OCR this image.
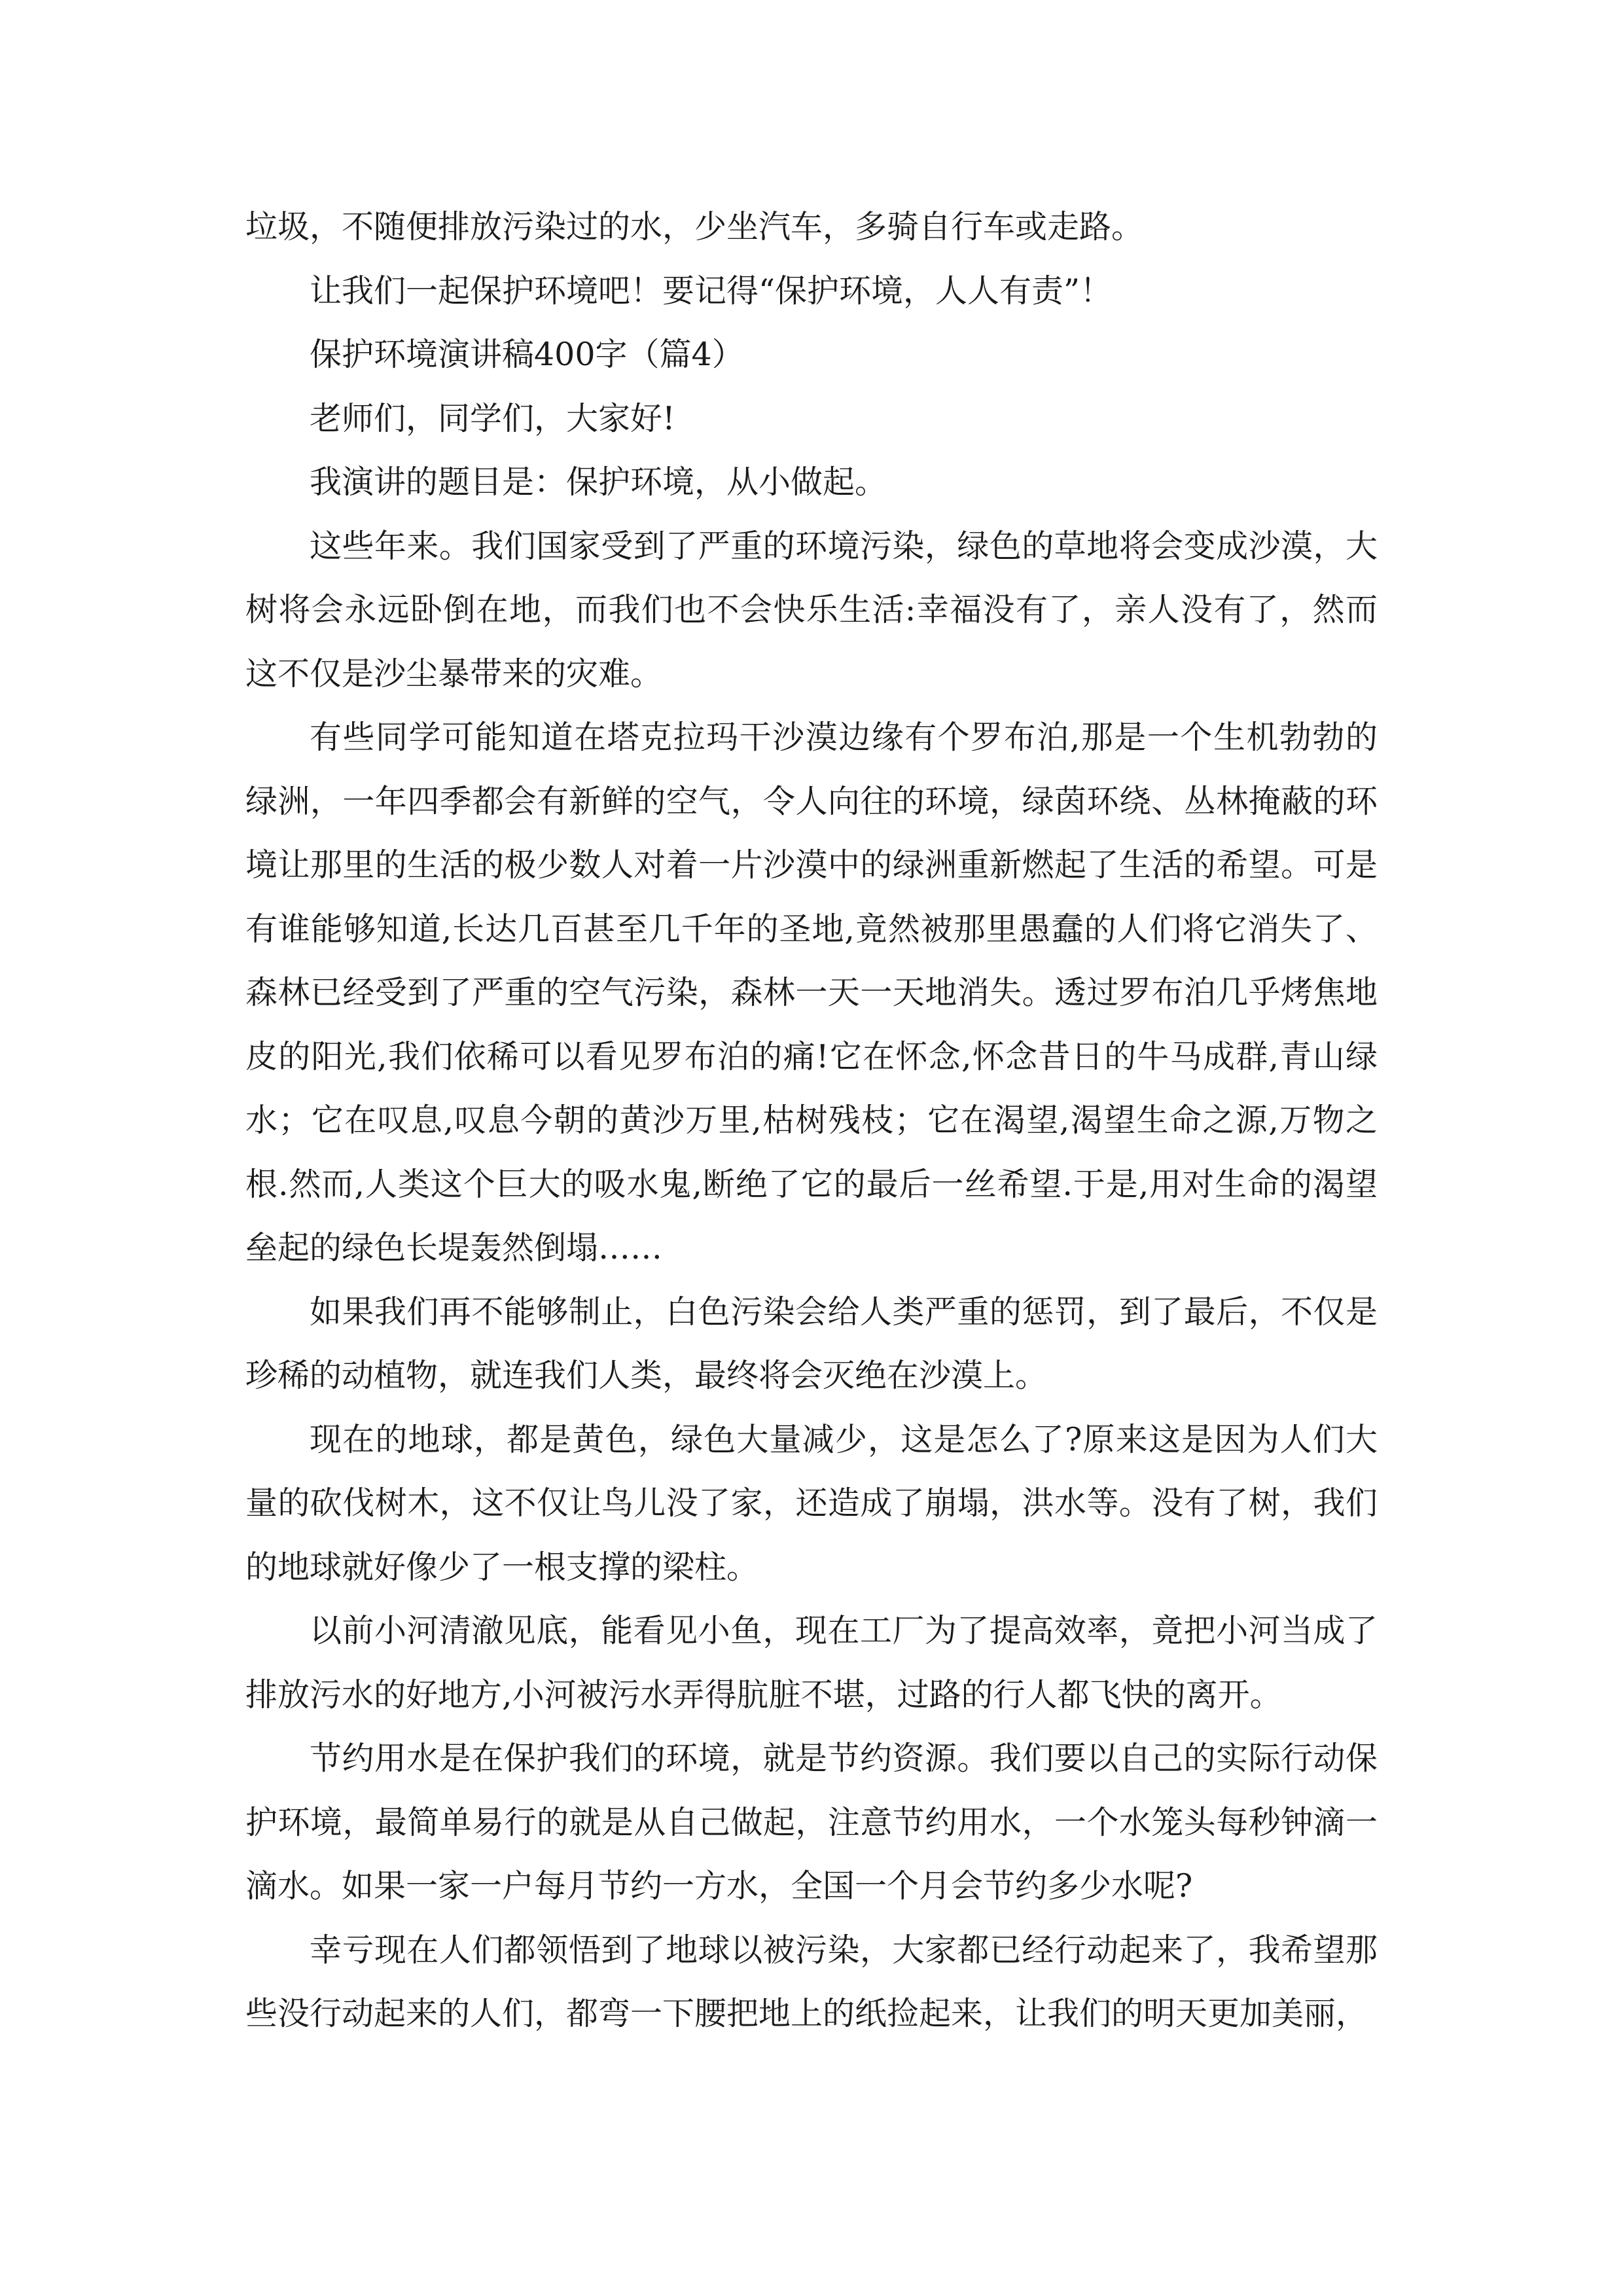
垃圾，不随便排放污染过的水，少坐汽车，多骑自行车或走路。

让我们一起保护环境吧！要记得“保护环境，人人有责”！

保护环境演讲稿400字（篇4）

老师们，同学们，大家好!

我演讲的题目是：保护环境，从小做起。

这些年来。我们国家受到了严重的环境污染，绿色的草地将会变成沙漠，大树将会永远卧倒在地，而我们也不会快乐生活:幸福没有了，亲人没有了，然而这不仅是沙尘暴带来的灾难。

有些同学可能知道在塔克拉玛干沙漠边缘有个罗布泊,那是一个生机勃勃的绿洲，一年四季都会有新鲜的空气，令人向往的环境，绿茵环绕、丛林掩蔽的环境让那里的生活的极少数人对着一片沙漠中的绿洲重新燃起了生活的希望。可是有谁能够知道,长达几百甚至几千年的圣地,竟然被那里愚蠢的人们将它消失了、森林已经受到了严重的空气污染，森林一天一天地消失。透过罗布泊几乎烤焦地皮的阳光,我们依稀可以看见罗布泊的痛!它在怀念,怀念昔日的牛马成群,青山绿水；它在叹息,叹息今朝的黄沙万里,枯树残枝；它在渴望,渴望生命之源,万物之根.然而,人类这个巨大的吸水鬼,断绝了它的最后一丝希望.于是,用对生命的渴望垒起的绿色长堤轰然倒塌……

如果我们再不能够制止，白色污染会给人类严重的惩罚，到了最后，不仅是珍稀的动植物，就连我们人类，最终将会灭绝在沙漠上。

现在的地球，都是黄色，绿色大量减少，这是怎么了?原来这是因为人们大量的砍伐树木，这不仅让鸟儿没了家，还造成了崩塌，洪水等。没有了树，我们的地球就好像少了一根支撑的梁柱。

以前小河清澈见底，能看见小鱼，现在工厂为了提高效率，竟把小河当成了排放污水的好地方,小河被污水弄得肮脏不堪，过路的行人都飞快的离开。

节约用水是在保护我们的环境，就是节约资源。我们要以自己的实际行动保护环境，最简单易行的就是从自己做起，注意节约用水，一个水笼头每秒钟滴一滴水。如果一家一户每月节约一方水，全国一个月会节约多少水呢?

幸亏现在人们都领悟到了地球以被污染，大家都已经行动起来了，我希望那些没行动起来的人们，都弯一下腰把地上的纸捡起来，让我们的明天更加美丽，
